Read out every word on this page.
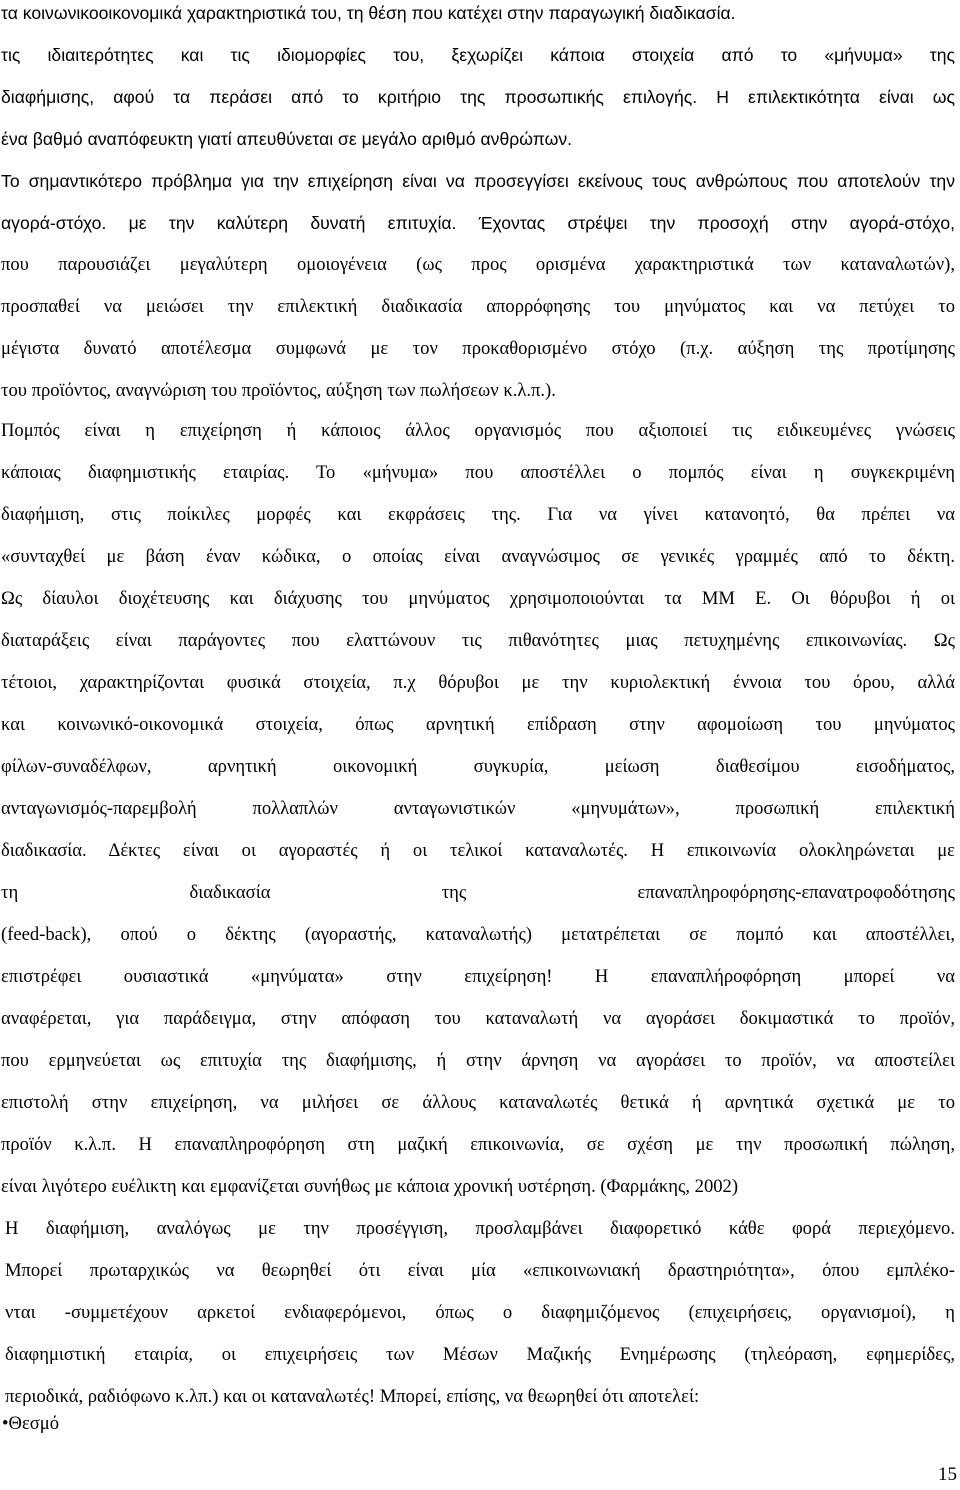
τα κοινωνικοοικονομικά χαρακτηριστικά του, τη θέση που κατέχει στην παραγωγική διαδικασία.
τις ιδιαιτερότητες και τις ιδιομορφίες του, ξεχωρίζει κάποια στοιχεία από το «μήνυμα» της
διαφήμισης, αφού τα περάσει από το κριτήριο της προσωπικής επιλογής. Η επιλεκτικότητα είναι ως
ένα βαθμό αναπόφευκτη γιατί απευθύνεται σε μεγάλο αριθμό ανθρώπων.
Το σημαντικότερο πρόβλημα για την επιχείρηση είναι να προσεγγίσει εκείνους τους ανθρώπους που αποτελούν την
αγορά-στόχο. με την καλύτερη δυνατή επιτυχία. Έχοντας στρέψει την προσοχή στην αγορά-στόχο,
που παρουσιάζει μεγαλύτερη ομοιογένεια (ως προς ορισμένα χαρακτηριστικά των καταναλωτών),
προσπαθεί να μειώσει την επιλεκτική διαδικασία απορρόφησης του μηνύματος και να πετύχει το
μέγιστα δυνατό αποτέλεσμα συμφωνά με τον προκαθορισμένο στόχο (π.χ. αύξηση της προτίμησης
του προϊόντος, αναγνώριση του προϊόντος, αύξηση των πωλήσεων κ.λ.π.).
Πομπός είναι η επιχείρηση ή κάποιος άλλος οργανισμός που αξιοποιεί τις ειδικευμένες γνώσεις
κάποιας διαφημιστικής εταιρίας. Το «μήνυμα» που αποστέλλει ο πομπός είναι η συγκεκριμένη
διαφήμιση, στις ποίκιλες μορφές και εκφράσεις της. Για να γίνει κατανοητό, θα πρέπει να
«συνταχθεί με βάση έναν κώδικα, ο οποίας είναι αναγνώσιμος σε γενικές γραμμές από το δέκτη.
Ως δίαυλοι διοχέτευσης και διάχυσης του μηνύματος χρησιμοποιούνται τα ΜΜ Ε. Οι θόρυβοι ή οι
διαταράξεις είναι παράγοντες που ελαττώνουν τις πιθανότητες μιας πετυχημένης επικοινωνίας. Ως
τέτοιοι, χαρακτηρίζονται φυσικά στοιχεία, π.χ θόρυβοι με την κυριολεκτική έννοια του όρου, αλλά
και κοινωνικό-οικονομικά στοιχεία, όπως αρνητική επίδραση στην αφομοίωση του μηνύματος
φίλων-συναδέλφων, αρνητική οικονομική συγκυρία, μείωση διαθεσίμου εισοδήματος,
ανταγωνισμός-παρεμβολή πολλαπλών ανταγωνιστικών «μηνυμάτων», προσωπική επιλεκτική
διαδικασία. Δέκτες είναι οι αγοραστές ή οι τελικοί καταναλωτές. Η επικοινωνία ολοκληρώνεται με
τη διαδικασία της επαναπληροφόρησης-επανατροφοδότησης
(feed-back), οπού ο δέκτης (αγοραστής, καταναλωτής) μετατρέπεται σε πομπό και αποστέλλει,
επιστρέφει ουσιαστικά «μηνύματα» στην επιχείρηση! Η επαναπλήροφόρηση μπορεί να
αναφέρεται, για παράδειγμα, στην απόφαση του καταναλωτή να αγοράσει δοκιμαστικά το προϊόν,
που ερμηνεύεται ως επιτυχία της διαφήμισης, ή στην άρνηση να αγοράσει το προϊόν, να αποστείλει
επιστολή στην επιχείρηση, να μιλήσει σε άλλους καταναλωτές θετικά ή αρνητικά σχετικά με το
προϊόν κ.λ.π. Η επαναπληροφόρηση στη μαζική επικοινωνία, σε σχέση με την προσωπική πώληση,
είναι λιγότερο ευέλικτη και εμφανίζεται συνήθως με κάποια χρονική υστέρηση. (Φαρμάκης, 2002)
Η διαφήμιση, αναλόγως με την προσέγγιση, προσλαμβάνει διαφορετικό κάθε φορά περιεχόμενο.
Μπορεί πρωταρχικώς να θεωρηθεί ότι είναι μία «επικοινωνιακή δραστηριότητα», όπου εμπλέκο-
νται -συμμετέχουν αρκετοί ενδιαφερόμενοι, όπως ο διαφημιζόμενος (επιχειρήσεις, οργανισμοί), η
διαφημιστική εταιρία, οι επιχειρήσεις των Μέσων Μαζικής Ενημέρωσης (τηλεόραση, εφημερίδες,
περιοδικά, ραδιόφωνο κ.λπ.) και οι καταναλωτές! Μπορεί, επίσης, να θεωρηθεί ότι αποτελεί:
•Θεσμό
15
